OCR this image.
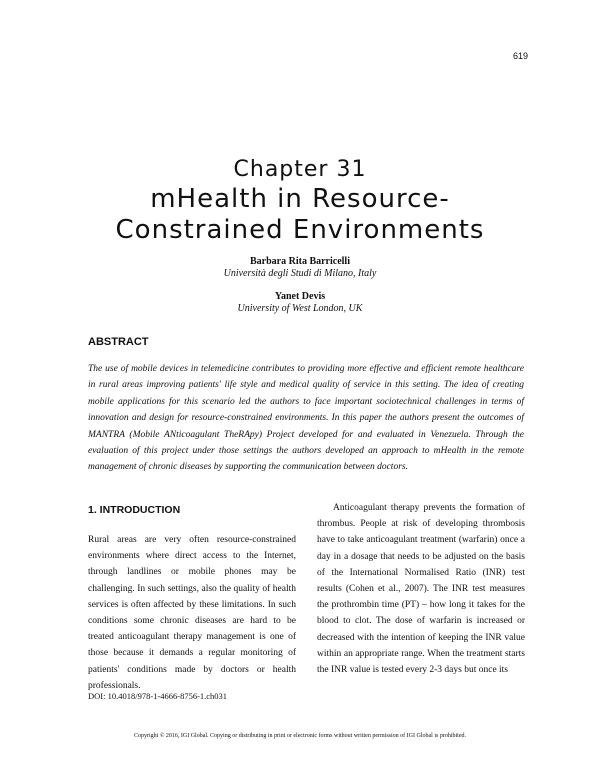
619
Chapter 31
mHealth in Resource-
Constrained Environments
Barbara Rita Barricelli
Università degli Studi di Milano, Italy
Yanet Devis
University of West London, UK
ABSTRACT

The use of mobile devices in telemedicine contributes to providing more effective and efficient remote healthcare in rural areas improving patients' life style and medical quality of service in this setting. The idea of creating mobile applications for this scenario led the authors to face important sociotechnical challenges in terms of innovation and design for resource-constrained environments. In this paper the authors present the outcomes of MANTRA (Mobile ANticoagulant TheRApy) Project developed for and evaluated in Venezuela. Through the evaluation of this project under those settings the authors developed an approach to mHealth in the remote management of chronic diseases by supporting the communication between doctors.

1. INTRODUCTION

Rural areas are very often resource-constrained environments where direct access to the Internet, through landlines or mobile phones may be challenging. In such settings, also the quality of health services is often affected by these limitations. In such conditions some chronic diseases are hard to be treated anticoagulant therapy management is one of those because it demands a regular monitoring of patients' conditions made by doctors or health professionals.

Anticoagulant therapy prevents the formation of thrombus. People at risk of developing thrombosis have to take anticoagulant treatment (warfarin) once a day in a dosage that needs to be adjusted on the basis of the International Normalised Ratio (INR) test results (Cohen et al., 2007). The INR test measures the prothrombin time (PT) – how long it takes for the blood to clot. The dose of warfarin is increased or decreased with the intention of keeping the INR value within an appropriate range. When the treatment starts the INR value is tested every 2-3 days but once its

DOI: 10.4018/978-1-4666-8756-1.ch031
Copyright © 2016, IGI Global. Copying or distributing in print or electronic forms without written permission of IGI Global is prohibited.
